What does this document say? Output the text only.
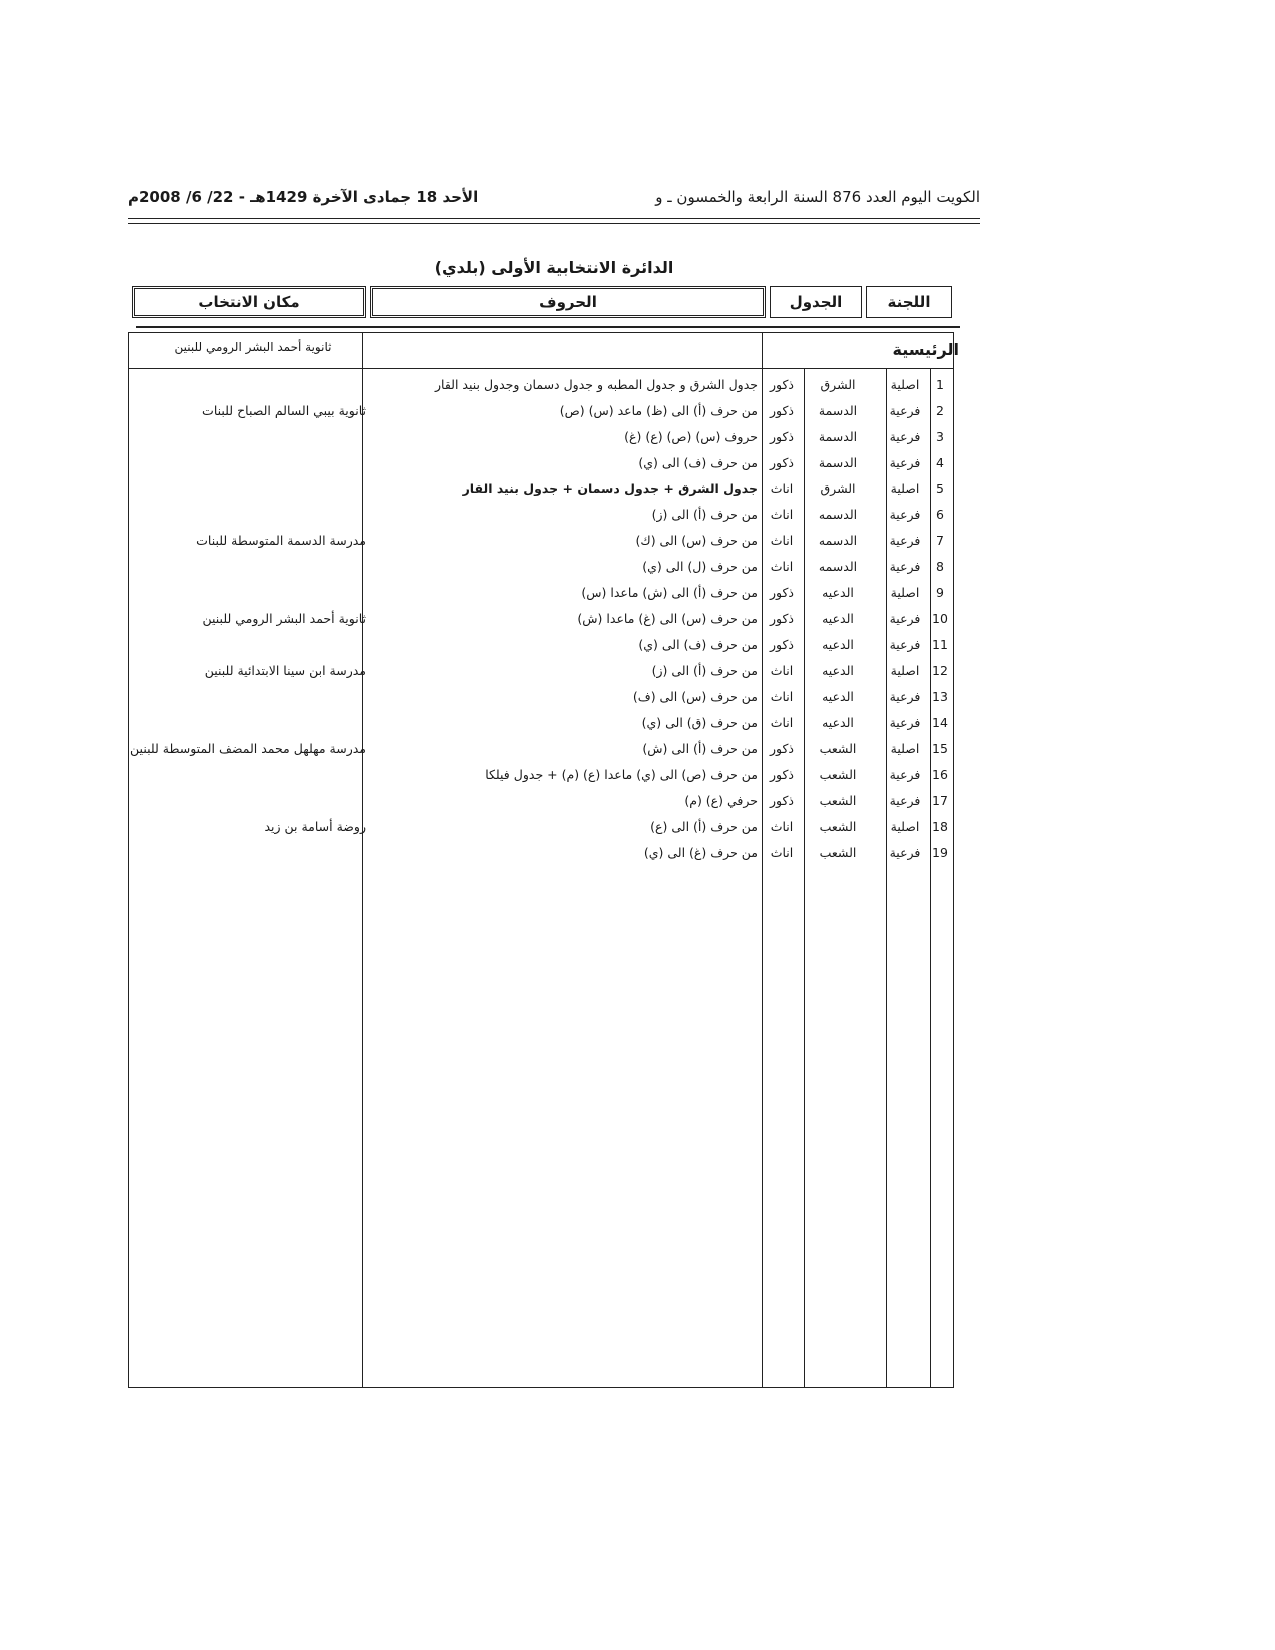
الكويت اليوم العدد 876 السنة الرابعة والخمسون ـ و
الأحد 18 جمادى الآخرة 1429هـ - 22/ 6/ 2008م
الدائرة الانتخابية الأولى (بلدي)
اللجنة
الجدول
الحروف
مكان الانتخاب
الرئيسية
ثانوية أحمد البشر الرومي للبنين
1
اصلية
الشرق
ذكور
جدول الشرق و جدول المطبه و جدول دسمان وجدول بنيد القار
2
فرعية
الدسمة
ذكور
من حرف (أ) الى (ظ) ماعد (س) (ص)
ثانوية بيبي السالم الصباح للبنات
3
فرعية
الدسمة
ذكور
حروف (س) (ص) (ع) (غ)
4
فرعية
الدسمة
ذكور
من حرف (ف) الى (ي)
5
اصلية
الشرق
اناث
جدول الشرق + جدول دسمان + جدول بنيد القار
6
فرعية
الدسمه
اناث
من حرف (أ) الى (ز)
7
فرعية
الدسمه
اناث
من حرف (س) الى (ك)
مدرسة الدسمة المتوسطة للبنات
8
فرعية
الدسمه
اناث
من حرف (ل) الى (ي)
9
اصلية
الدعيه
ذكور
من حرف (أ) الى (ش) ماعدا (س)
10
فرعية
الدعيه
ذكور
من حرف (س) الى (غ) ماعدا (ش)
ثانوية أحمد البشر الرومي للبنين
11
فرعية
الدعيه
ذكور
من حرف (ف) الى (ي)
12
اصلية
الدعيه
اناث
من حرف (أ) الى (ز)
مدرسة ابن سينا الابتدائية للبنين
13
فرعية
الدعيه
اناث
من حرف (س) الى (ف)
14
فرعية
الدعيه
اناث
من حرف (ق) الى (ي)
15
اصلية
الشعب
ذكور
من حرف (أ) الى (ش)
مدرسة مهلهل محمد المضف المتوسطة للبنين
16
فرعية
الشعب
ذكور
من حرف (ص) الى (ي) ماعدا (ع) (م) + جدول فيلكا
17
فرعية
الشعب
ذكور
حرفي (ع) (م)
18
اصلية
الشعب
اناث
من حرف (أ) الى (ع)
روضة أسامة بن زيد
19
فرعية
الشعب
اناث
من حرف (غ) الى (ي)
